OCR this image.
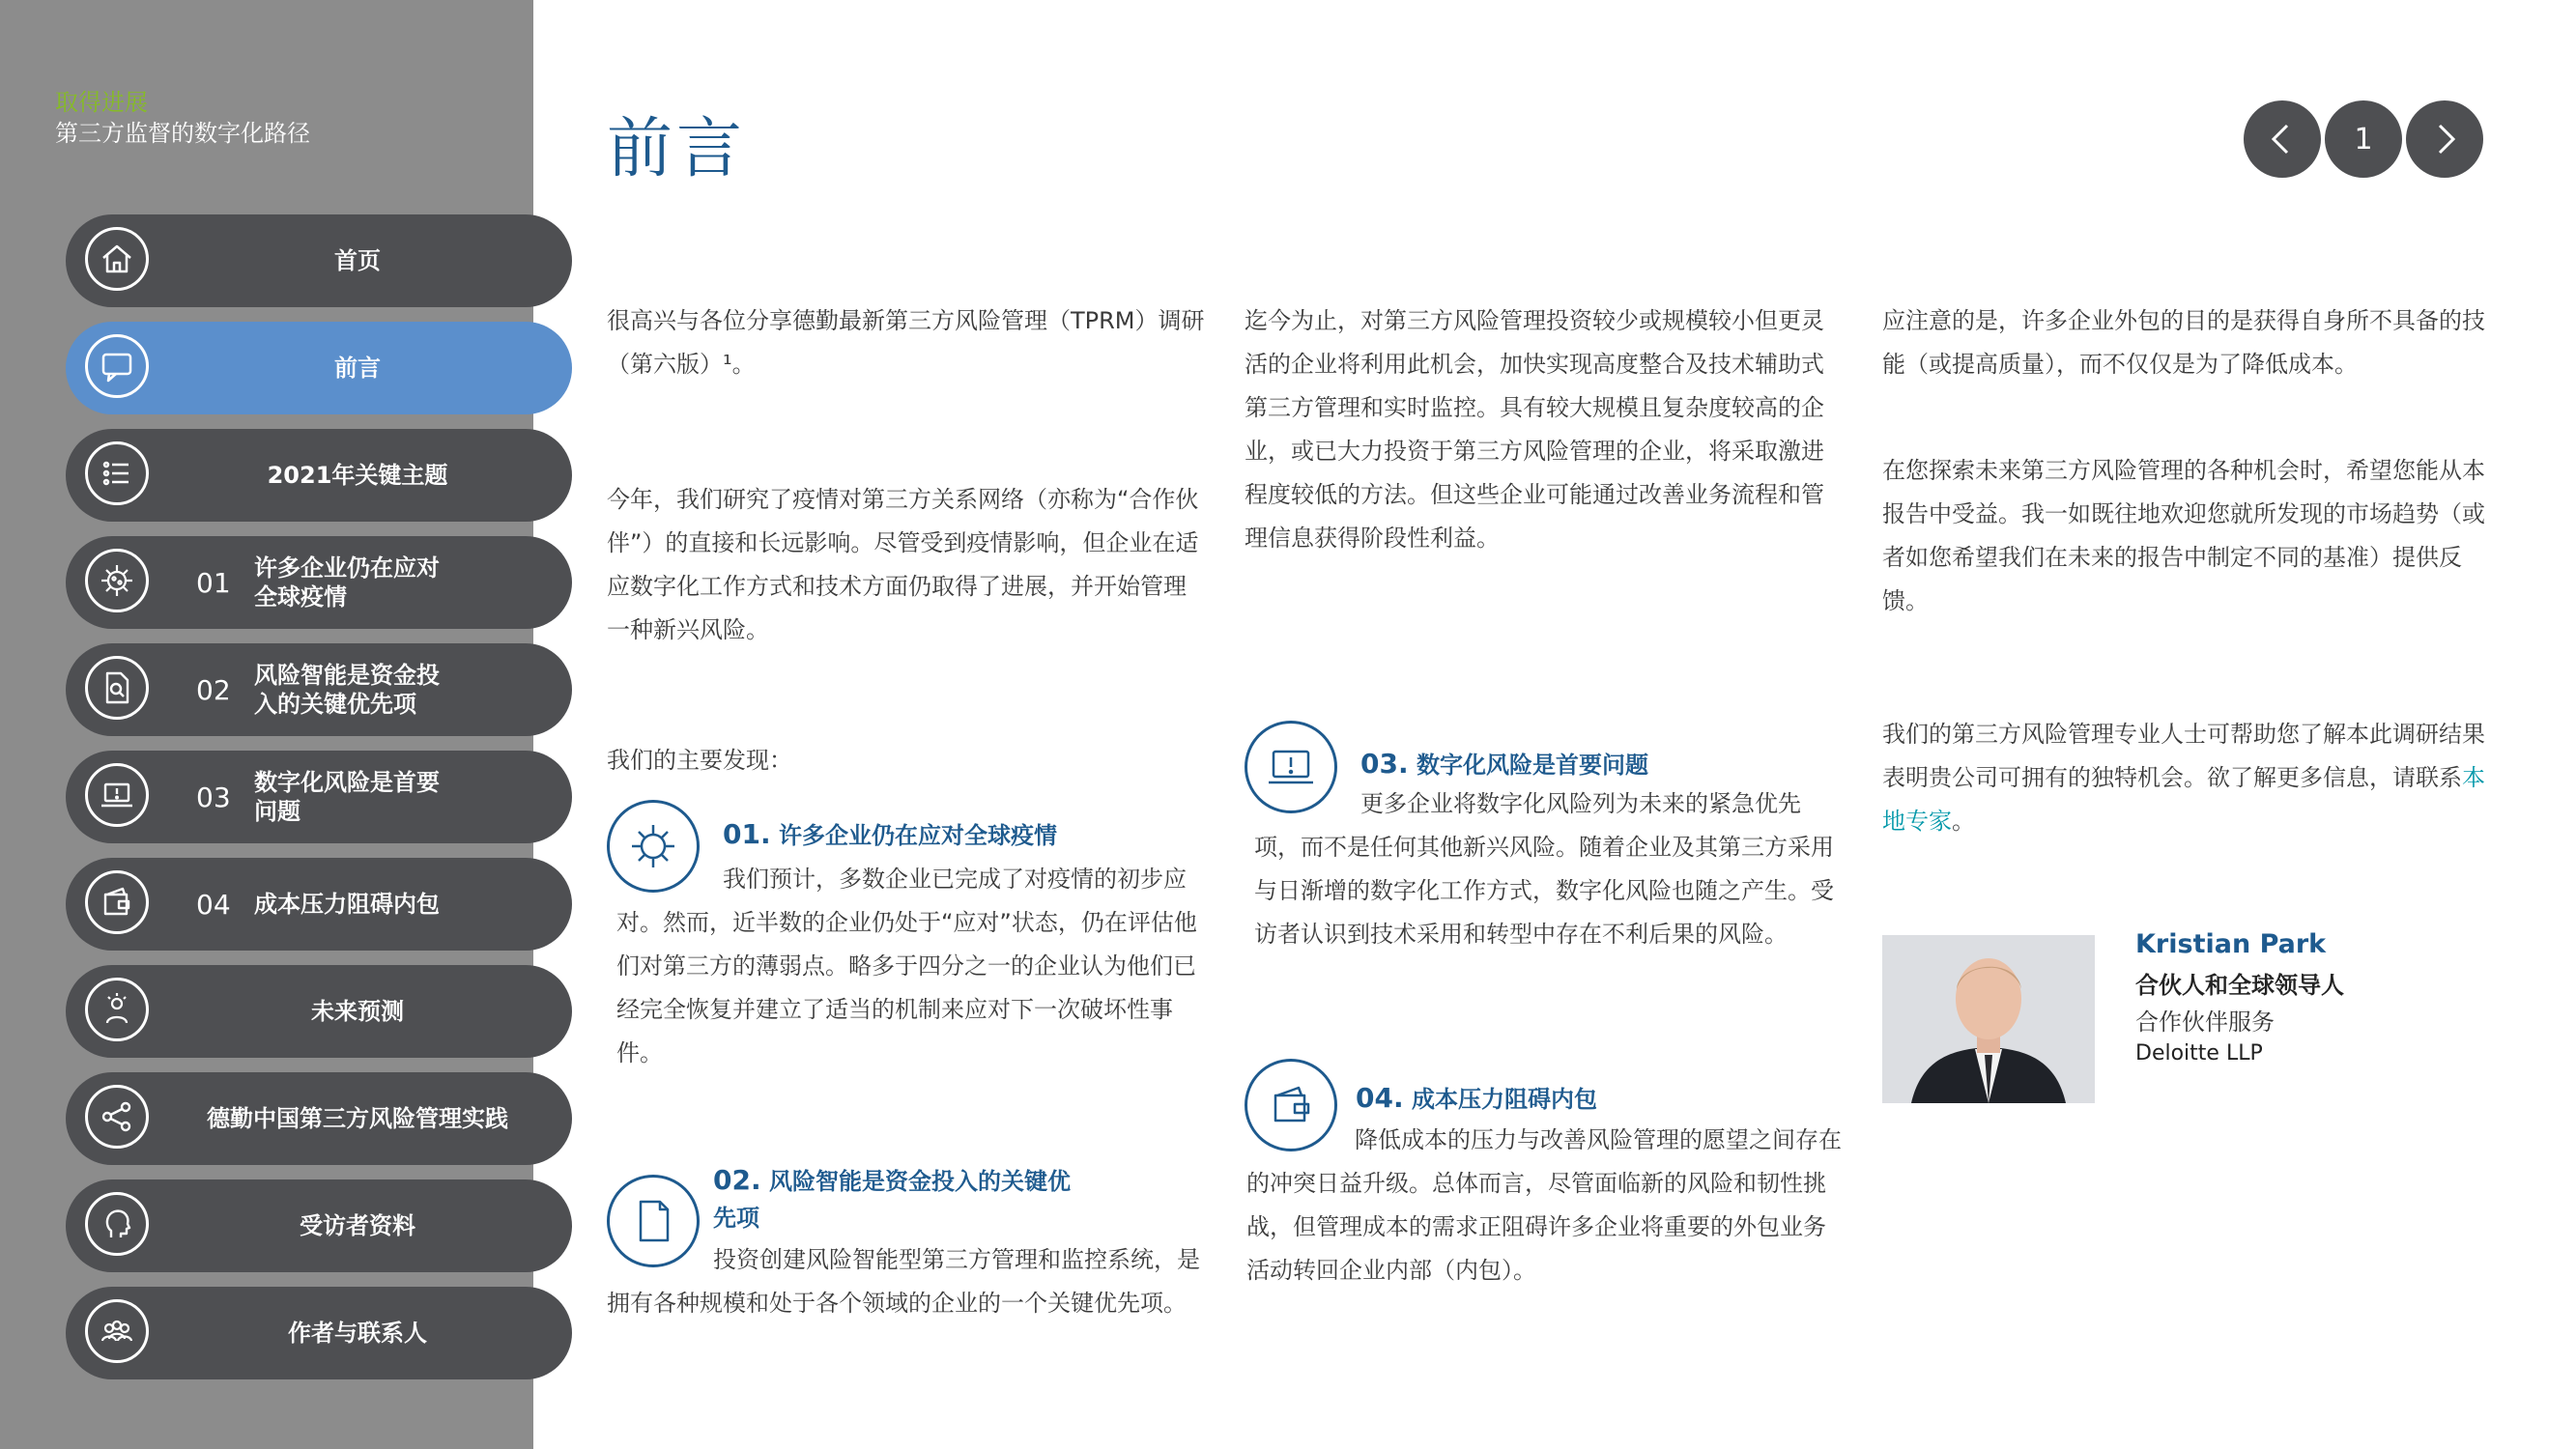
取得进展
第三方监督的数字化路径
首页
前言
2021年关键主题
01 许多企业仍在应对
全球疫情
02 风险智能是资金投
入的关键优先项
03 数字化风险是首要
问题
04 成本压力阻碍内包
未来预测
德勤中国第三方风险管理实践
受访者资料
作者与联系人
前言	1
很高兴与各位分享德勤最新第三方风险管理（TPRM）调研（第六版）¹。
今年，我们研究了疫情对第三方关系网络（亦称为“合作伙伴”）的直接和长远影响。尽管受到疫情影响，但企业在适应数字化工作方式和技术方面仍取得了进展，并开始管理一种新兴风险。
我们的主要发现：
01. 许多企业仍在应对全球疫情
我们预计，多数企业已完成了对疫情的初步应对。然而，近半数的企业仍处于“应对”状态，仍在评估他们对第三方的薄弱点。略多于四分之一的企业认为他们已经完全恢复并建立了适当的机制来应对下一次破坏性事件。
02. 风险智能是资金投入的关键优先项
投资创建风险智能型第三方管理和监控系统，是拥有各种规模和处于各个领域的企业的一个关键优先项。
迄今为止，对第三方风险管理投资较少或规模较小但更灵活的企业将利用此机会，加快实现高度整合及技术辅助式第三方管理和实时监控。具有较大规模且复杂度较高的企业，或已大力投资于第三方风险管理的企业，将采取激进程度较低的方法。但这些企业可能通过改善业务流程和管理信息获得阶段性利益。
03. 数字化风险是首要问题
更多企业将数字化风险列为未来的紧急优先项，而不是任何其他新兴风险。随着企业及其第三方采用与日渐增的数字化工作方式，数字化风险也随之产生。受访者认识到技术采用和转型中存在不利后果的风险。
04. 成本压力阻碍内包
降低成本的压力与改善风险管理的愿望之间存在的冲突日益升级。总体而言，尽管面临新的风险和韧性挑战，但管理成本的需求正阻碍许多企业将重要的外包业务活动转回企业内部（内包）。
应注意的是，许多企业外包的目的是获得自身所不具备的技能（或提高质量），而不仅仅是为了降低成本。
在您探索未来第三方风险管理的各种机会时，希望您能从本报告中受益。我一如既往地欢迎您就所发现的市场趋势（或者如您希望我们在未来的报告中制定不同的基准）提供反馈。
我们的第三方风险管理专业人士可帮助您了解本此调研结果表明贵公司可拥有的独特机会。欲了解更多信息，请联系本地专家。
Kristian Park
合伙人和全球领导人
合作伙伴服务
Deloitte LLP
